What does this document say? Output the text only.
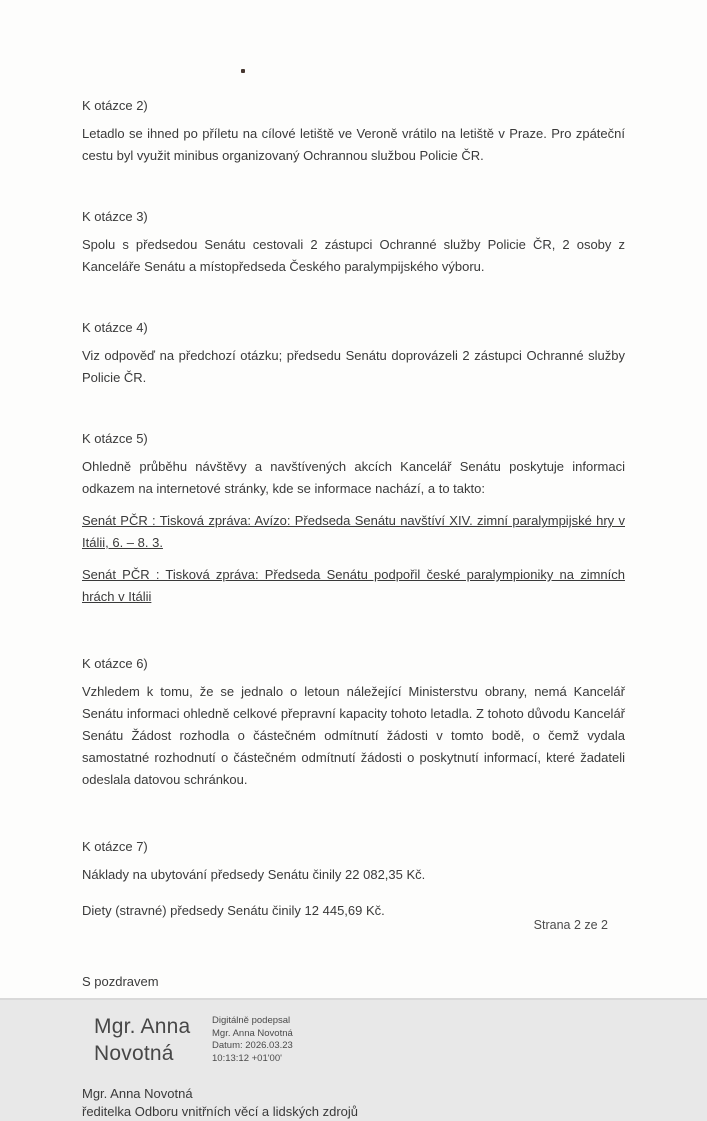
K otázce 2)

Letadlo se ihned po příletu na cílové letiště ve Veroně vrátilo na letiště v Praze. Pro zpáteční cestu byl využit minibus organizovaný Ochrannou službou Policie ČR.

K otázce 3)

Spolu s předsedou Senátu cestovali 2 zástupci Ochranné služby Policie ČR, 2 osoby z Kanceláře Senátu a místopředseda Českého paralympijského výboru.

K otázce 4)

Viz odpověď na předchozí otázku; předsedu Senátu doprovázeli 2 zástupci Ochranné služby Policie ČR.

K otázce 5)

Ohledně průběhu návštěvy a navštívených akcích Kancelář Senátu poskytuje informaci odkazem na internetové stránky, kde se informace nachází, a to takto:

Senát PČR : Tisková zpráva: Avízo: Předseda Senátu navštíví XIV. zimní paralympijské hry v Itálii, 6. – 8. 3.
Senát PČR : Tisková zpráva: Předseda Senátu podpořil české paralympioniky na zimních hrách v Itálii

K otázce 6)

Vzhledem k tomu, že se jednalo o letoun náležející Ministerstvu obrany, nemá Kancelář Senátu informaci ohledně celkové přepravní kapacity tohoto letadla. Z tohoto důvodu Kancelář Senátu Žádost rozhodla o částečném odmítnutí žádosti v tomto bodě, o čemž vydala samostatné rozhodnutí o částečném odmítnutí žádosti o poskytnutí informací, které žadateli odeslala datovou schránkou.

K otázce 7)

Náklady na ubytování předsedy Senátu činily 22 082,35 Kč.

Diety (stravné) předsedy Senátu činily 12 445,69 Kč.

S pozdravem

Mgr. Anna Novotná
Digitálně podepsal
Mgr. Anna Novotná
Datum: 2026.03.23
10:13:12 +01'00'
Mgr. Anna Novotná
ředitelka Odboru vnitřních věcí a lidských zdrojů
Strana 2 ze 2
